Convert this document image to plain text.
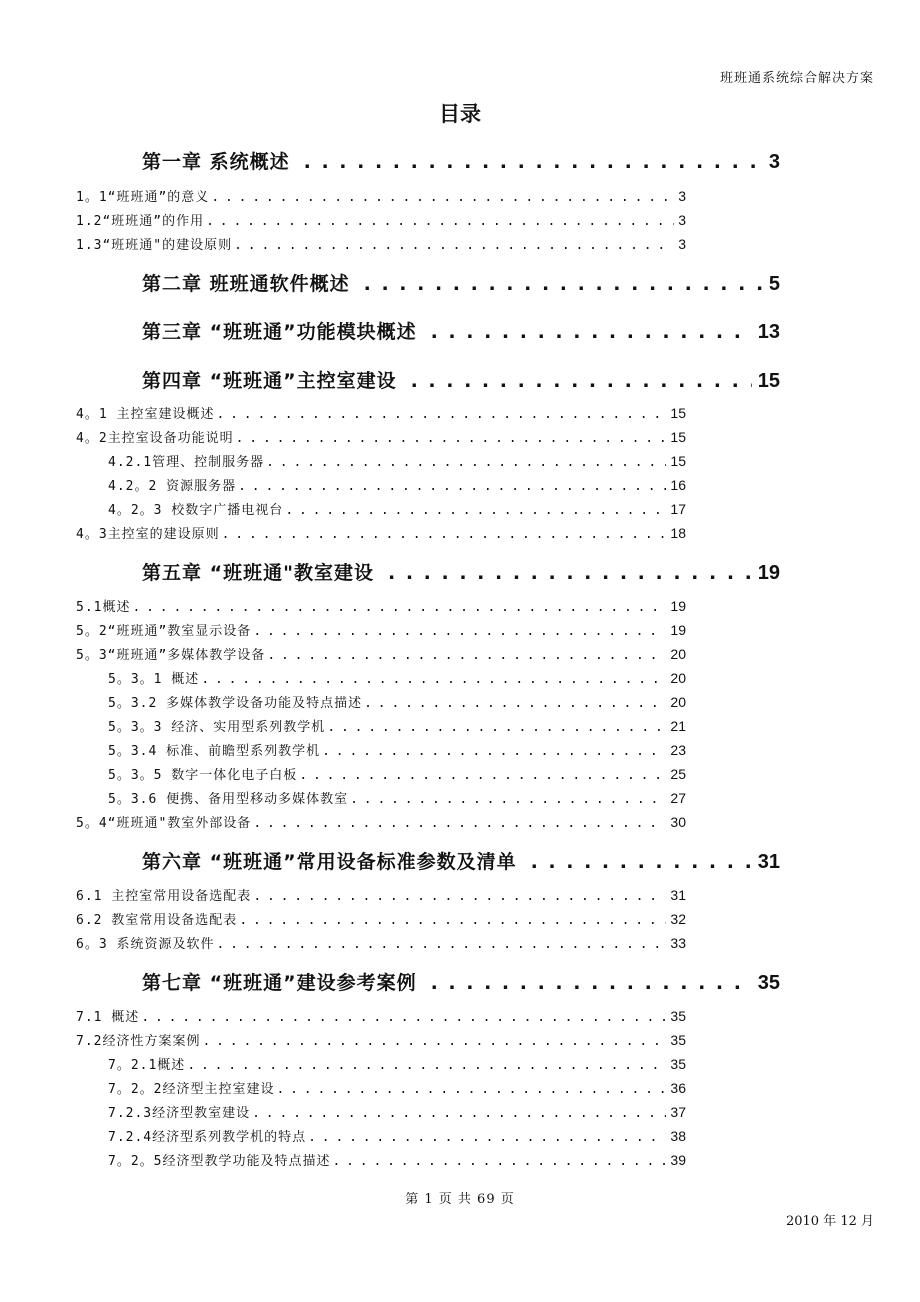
班班通系统综合解决方案
目录
第一章 系统概述 . . .	3
1。1“班班通”的意义 . . .	3
1.2“班班通”的作用 . . .	3
1.3“班班通"的建设原则 . . .	3
第二章 班班通软件概述 . . .	5
第三章 “班班通”功能模块概述 . . .	13
第四章 “班班通”主控室建设 . . .	15
4。1 主控室建设概述 . . .	15
4。2主控室设备功能说明 . . .	15
4.2.1管理、控制服务器 . . .	15
4.2。2 资源服务器 . . .	16
4。2。3 校数字广播电视台 . . .	17
4。3主控室的建设原则 . . .	18
第五章 “班班通"教室建设 . . .	19
5.1概述 . . .	19
5。2“班班通”教室显示设备 . . .	19
5。3“班班通”多媒体教学设备 . . .	20
5。3。1 概述 . . .	20
5。3.2 多媒体教学设备功能及特点描述 . . .	20
5。3。3 经济、实用型系列教学机 . . .	21
5。3.4 标准、前瞻型系列教学机 . . .	23
5。3。5 数字一体化电子白板 . . .	25
5。3.6 便携、备用型移动多媒体教室 . . .	27
5。4“班班通"教室外部设备 . . .	30
第六章 “班班通”常用设备标准参数及清单 . . .	31
6.1 主控室常用设备选配表 . . .	31
6.2 教室常用设备选配表 . . .	32
6。3 系统资源及软件 . . .	33
第七章 “班班通”建设参考案例 . . .	35
7.1 概述 . . .	35
7.2经济性方案案例 . . .	35
7。2.1概述 . . .	35
7。2。2经济型主控室建设 . . .	36
7.2.3经济型教室建设 . . .	37
7.2.4经济型系列教学机的特点 . . .	38
7。2。5经济型教学功能及特点描述 . . .	39
第 1 页 共 69 页
2010 年 12 月
